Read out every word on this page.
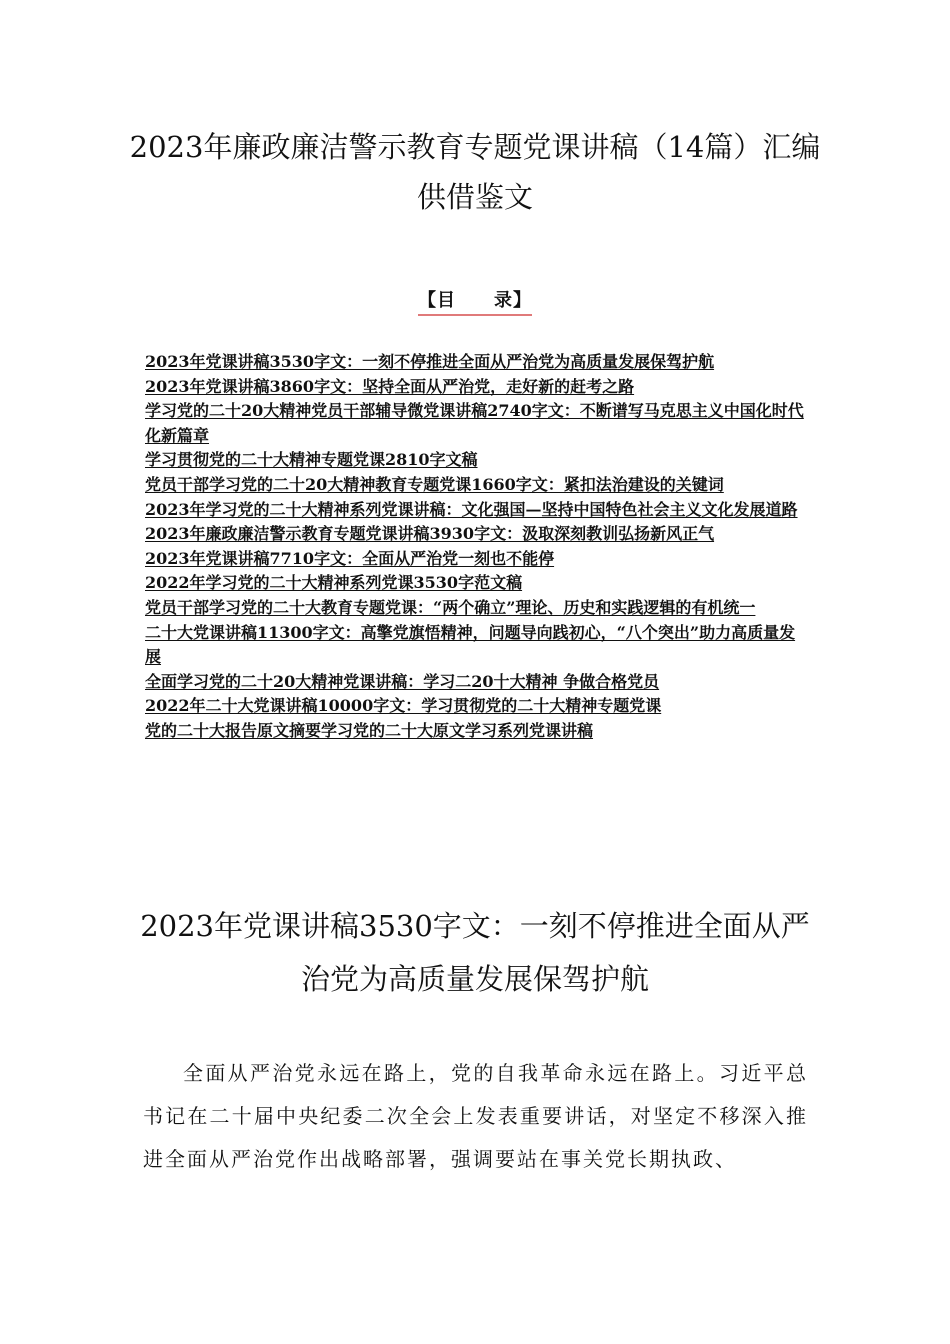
2023年廉政廉洁警示教育专题党课讲稿（14篇）汇编供借鉴文
【目　　录】
2023年党课讲稿3530字文：一刻不停推进全面从严治党为高质量发展保驾护航
2023年党课讲稿3860字文：坚持全面从严治党，走好新的赶考之路
学习党的二十20大精神党员干部辅导微党课讲稿2740字文：不断谱写马克思主义中国化时代化新篇章
学习贯彻党的二十大精神专题党课2810字文稿
党员干部学习党的二十20大精神教育专题党课1660字文：紧扣法治建设的关键词
2023年学习党的二十大精神系列党课讲稿：文化强国—坚持中国特色社会主义文化发展道路
2023年廉政廉洁警示教育专题党课讲稿3930字文：汲取深刻教训弘扬新风正气
2023年党课讲稿7710字文：全面从严治党一刻也不能停
2022年学习党的二十大精神系列党课3530字范文稿
党员干部学习党的二十大教育专题党课：“两个确立”理论、历史和实践逻辑的有机统一
二十大党课讲稿11300字文：高擎党旗悟精神，问题导向践初心，“八个突出”助力高质量发展
全面学习党的二十20大精神党课讲稿：学习二20十大精神 争做合格党员
2022年二十大党课讲稿10000字文：学习贯彻党的二十大精神专题党课
党的二十大报告原文摘要学习党的二十大原文学习系列党课讲稿
2023年党课讲稿3530字文：一刻不停推进全面从严治党为高质量发展保驾护航

全面从严治党永远在路上，党的自我革命永远在路上。习近平总书记在二十届中央纪委二次全会上发表重要讲话，对坚定不移深入推进全面从严治党作出战略部署，强调要站在事关党长期执政、
